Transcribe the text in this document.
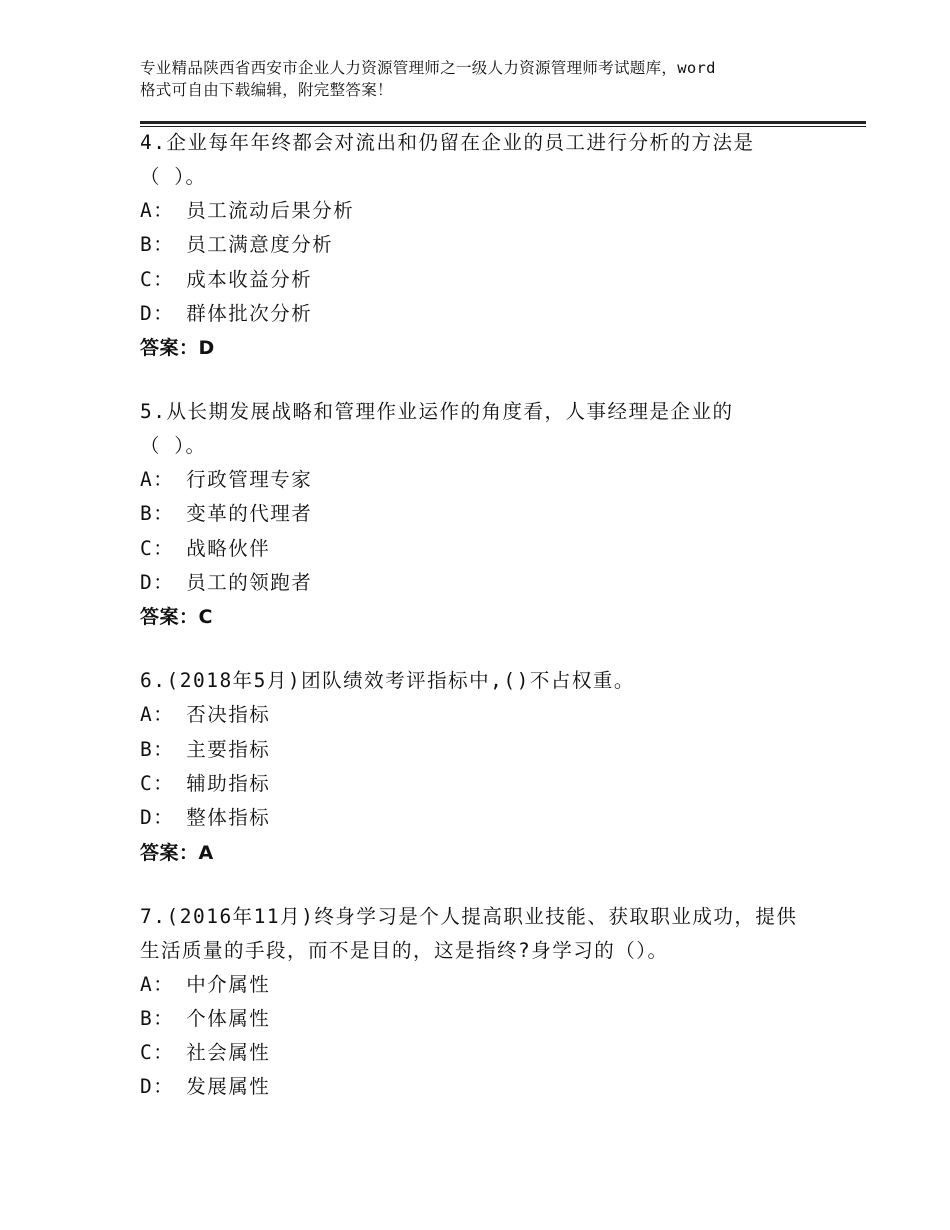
专业精品陕西省西安市企业人力资源管理师之一级人力资源管理师考试题库，word
格式可自由下载编辑，附完整答案！
4.企业每年年终都会对流出和仍留在企业的员工进行分析的方法是
（ ）。
A： 员工流动后果分析
B： 员工满意度分析
C： 成本收益分析
D： 群体批次分析
答案：D
5.从长期发展战略和管理作业运作的角度看，人事经理是企业的
（ ）。
A： 行政管理专家
B： 变革的代理者
C： 战略伙伴
D： 员工的领跑者
答案：C
6.(2018年5月)团队绩效考评指标中,()不占权重。
A： 否决指标
B： 主要指标
C： 辅助指标
D： 整体指标
答案：A
7.(2016年11月)终身学习是个人提高职业技能、获取职业成功，提供
生活质量的手段，而不是目的，这是指终?身学习的（）。
A： 中介属性
B： 个体属性
C： 社会属性
D： 发展属性
